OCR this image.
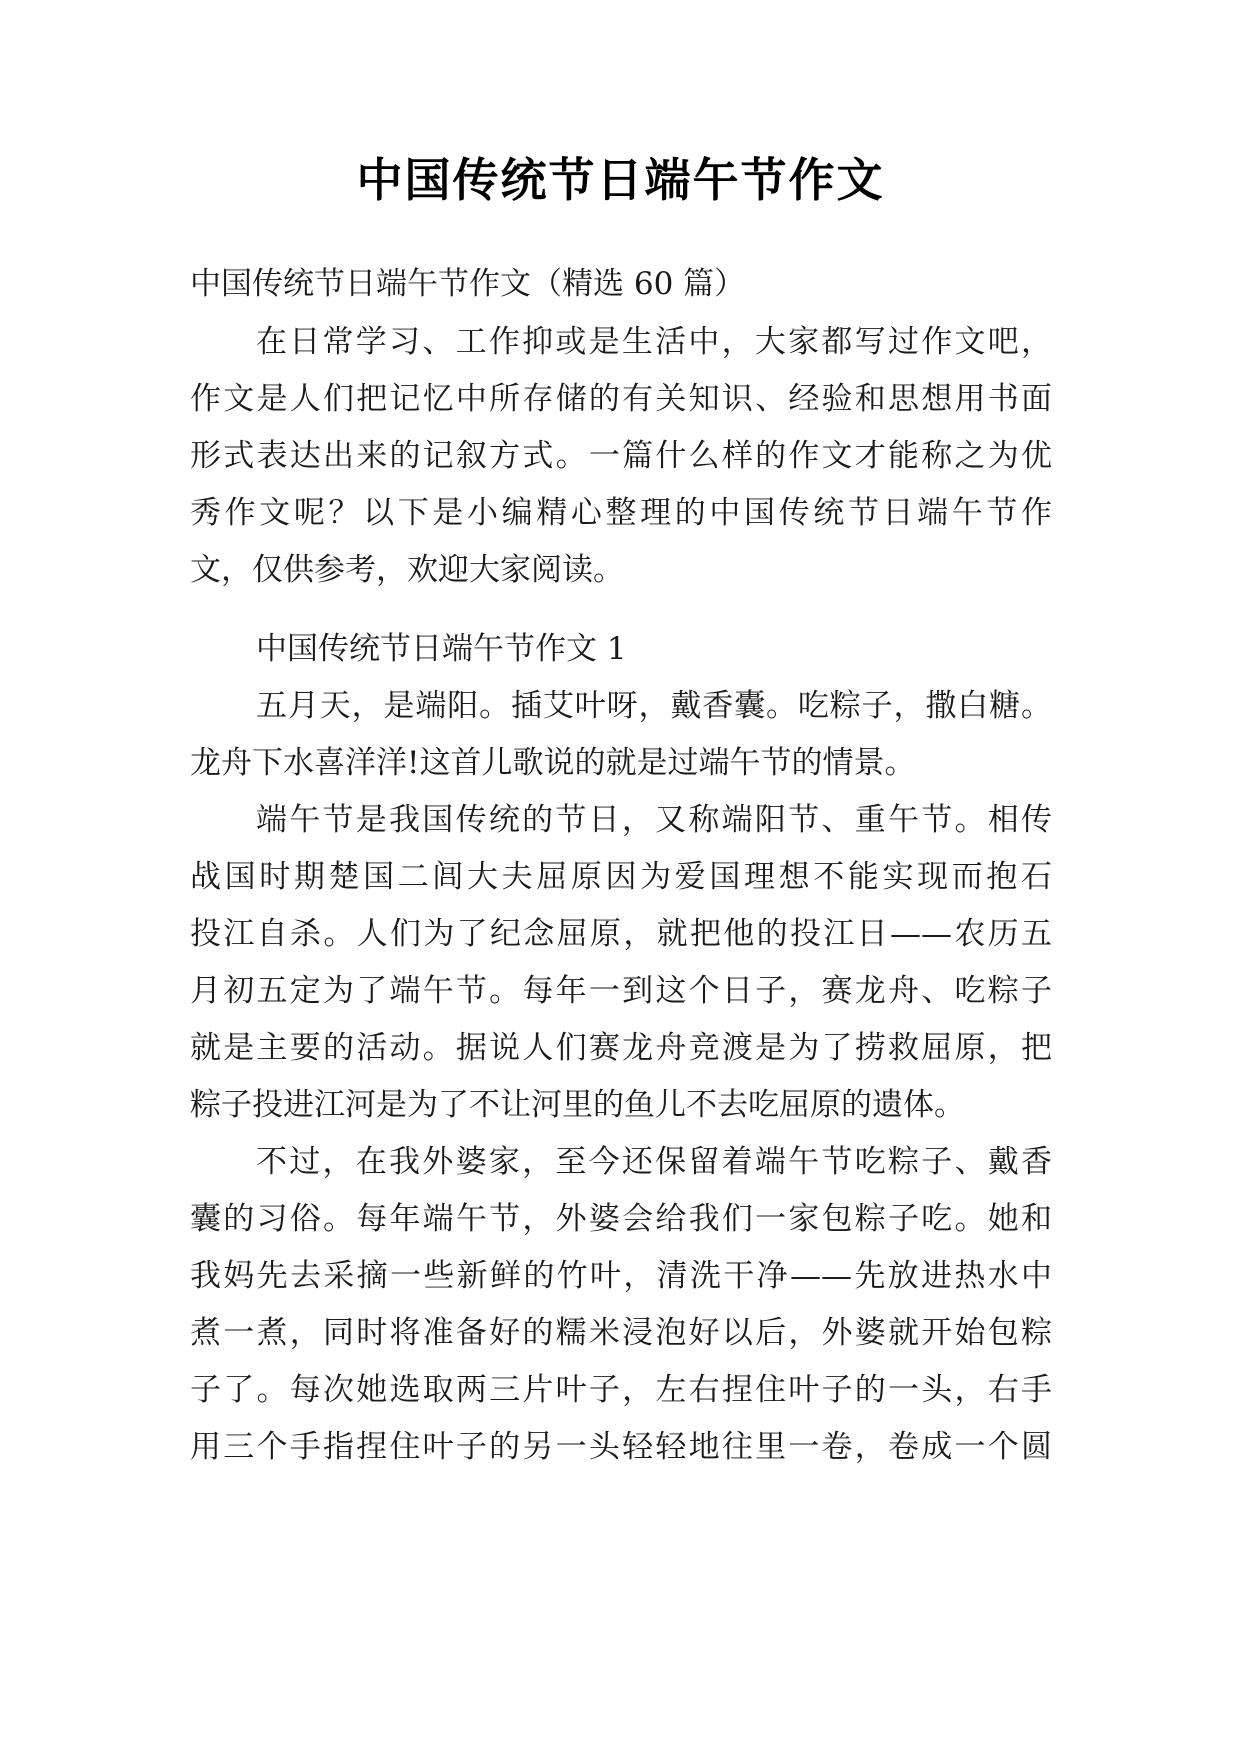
中国传统节日端午节作文

中国传统节日端午节作文（精选 60 篇）

在日常学习、工作抑或是生活中，大家都写过作文吧，

作文是人们把记忆中所存储的有关知识、经验和思想用书面

形式表达出来的记叙方式。一篇什么样的作文才能称之为优

秀作文呢？以下是小编精心整理的中国传统节日端午节作

文，仅供参考，欢迎大家阅读。

中国传统节日端午节作文 1

五月天，是端阳。插艾叶呀，戴香囊。吃粽子，撒白糖。

龙舟下水喜洋洋!这首儿歌说的就是过端午节的情景。

端午节是我国传统的节日，又称端阳节、重午节。相传

战国时期楚国二闾大夫屈原因为爱国理想不能实现而抱石

投江自杀。人们为了纪念屈原，就把他的投江日——农历五

月初五定为了端午节。每年一到这个日子，赛龙舟、吃粽子

就是主要的活动。据说人们赛龙舟竞渡是为了捞救屈原，把

粽子投进江河是为了不让河里的鱼儿不去吃屈原的遗体。

不过，在我外婆家，至今还保留着端午节吃粽子、戴香

囊的习俗。每年端午节，外婆会给我们一家包粽子吃。她和

我妈先去采摘一些新鲜的竹叶，清洗干净——先放进热水中

煮一煮，同时将准备好的糯米浸泡好以后，外婆就开始包粽

子了。每次她选取两三片叶子，左右捏住叶子的一头，右手

用三个手指捏住叶子的另一头轻轻地往里一卷，卷成一个圆
